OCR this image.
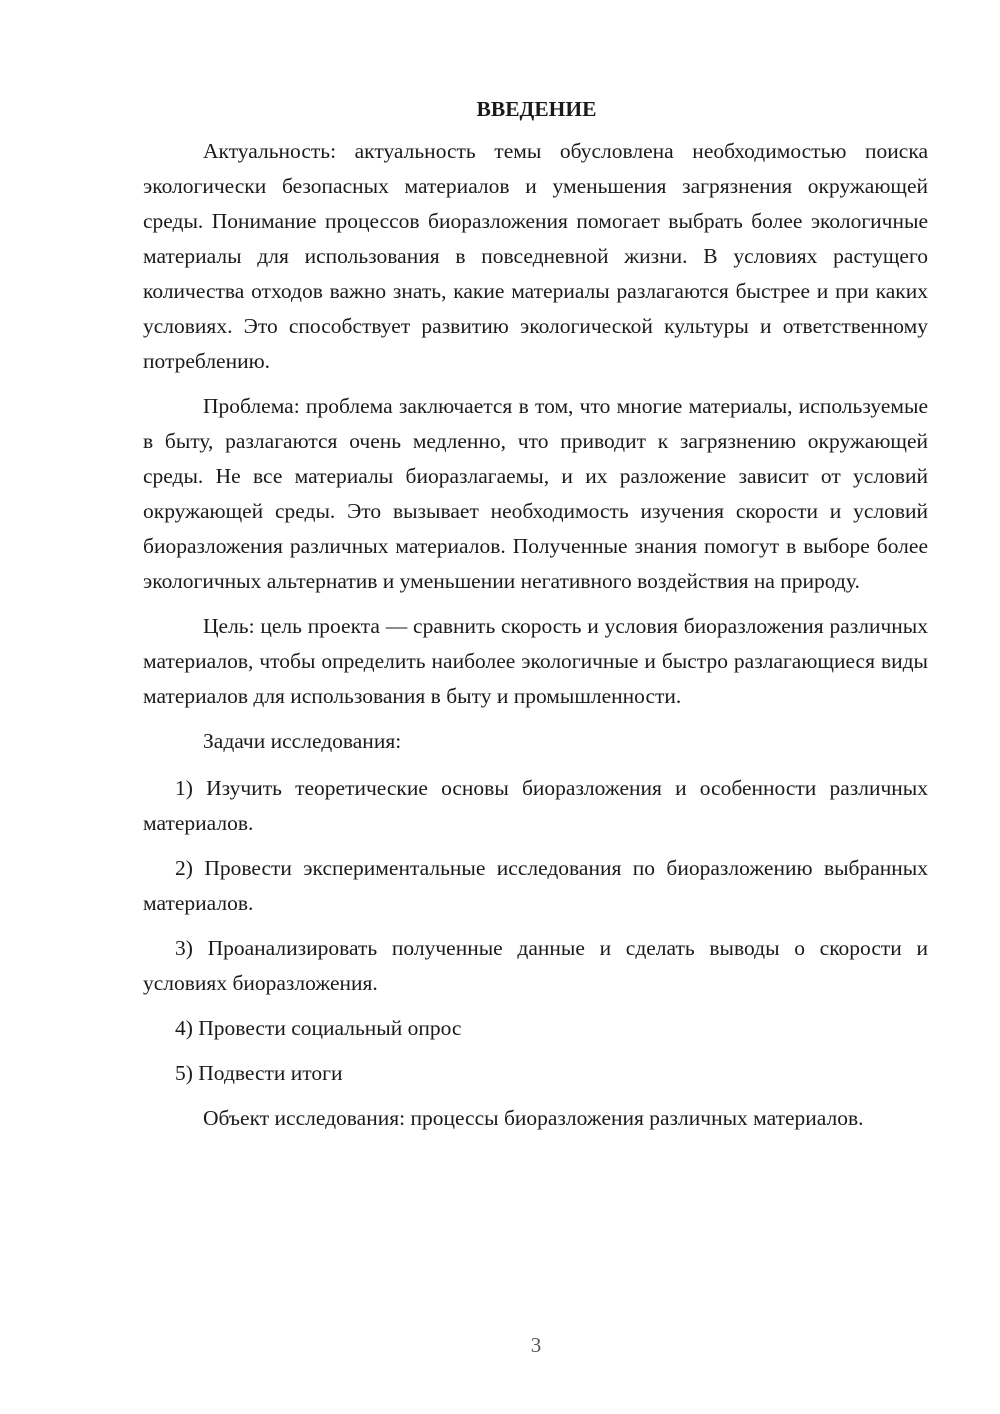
ВВЕДЕНИЕ

Актуальность: актуальность темы обусловлена необходимостью поиска экологически безопасных материалов и уменьшения загрязнения окружающей среды. Понимание процессов биоразложения помогает выбрать более экологичные материалы для использования в повседневной жизни. В условиях растущего количества отходов важно знать, какие материалы разлагаются быстрее и при каких условиях. Это способствует развитию экологической культуры и ответственному потреблению.

Проблема: проблема заключается в том, что многие материалы, используемые в быту, разлагаются очень медленно, что приводит к загрязнению окружающей среды. Не все материалы биоразлагаемы, и их разложение зависит от условий окружающей среды. Это вызывает необходимость изучения скорости и условий биоразложения различных материалов. Полученные знания помогут в выборе более экологичных альтернатив и уменьшении негативного воздействия на природу.

Цель: цель проекта — сравнить скорость и условия биоразложения различных материалов, чтобы определить наиболее экологичные и быстро разлагающиеся виды материалов для использования в быту и промышленности.

Задачи исследования:

1) Изучить теоретические основы биоразложения и особенности различных материалов.

2) Провести экспериментальные исследования по биоразложению выбранных материалов.

3) Проанализировать полученные данные и сделать выводы о скорости и условиях биоразложения.

4) Провести социальный опрос

5) Подвести итоги

Объект исследования: процессы биоразложения различных материалов.

3
